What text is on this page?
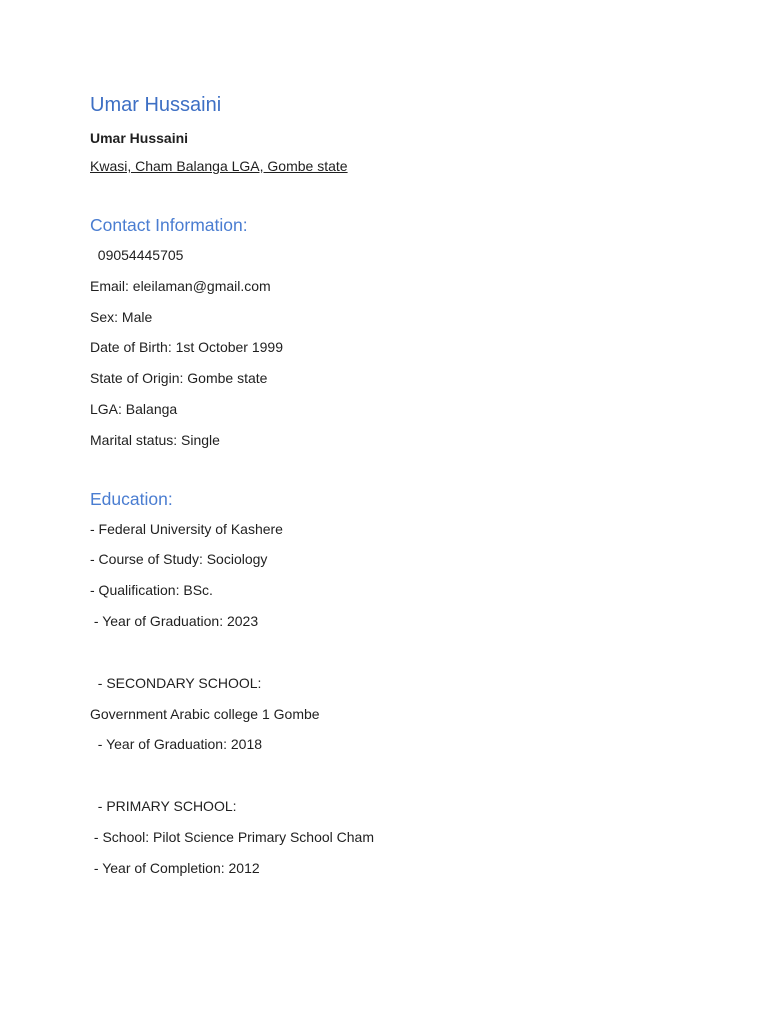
Umar Hussaini
Umar Hussaini
Kwasi, Cham Balanga LGA, Gombe state
Contact Information:
09054445705
Email: eleilaman@gmail.com
Sex: Male
Date of Birth: 1st October 1999
State of Origin: Gombe state
LGA: Balanga
Marital status: Single
Education:
- Federal University of Kashere
- Course of Study: Sociology
- Qualification: BSc.
- Year of Graduation: 2023
- SECONDARY SCHOOL:
Government Arabic college 1 Gombe
- Year of Graduation: 2018
- PRIMARY SCHOOL:
- School: Pilot Science Primary School Cham
- Year of Completion: 2012
